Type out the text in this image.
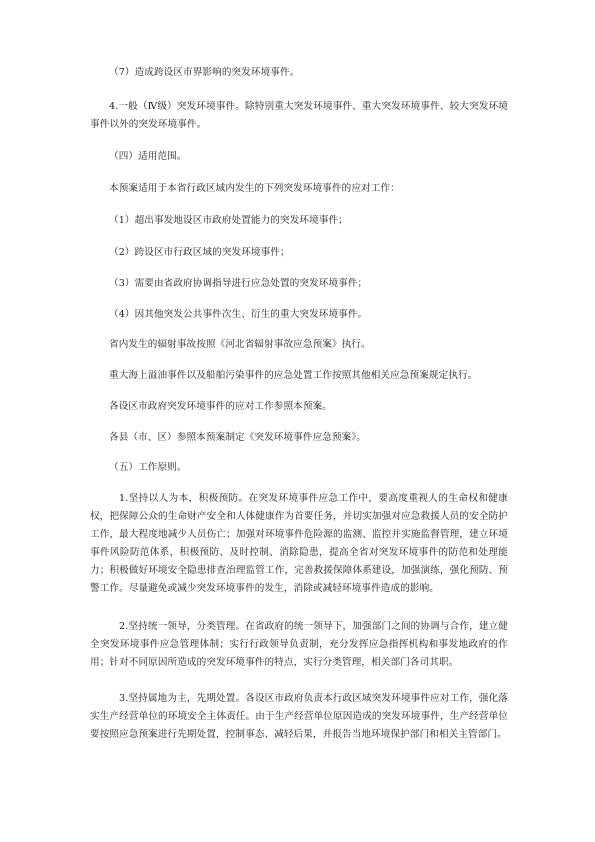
（7）造成跨设区市界影响的突发环境事件。

4.一般（Ⅳ级）突发环境事件。除特别重大突发环境事件、重大突发环境事件、较大突发环境事件以外的突发环境事件。

（四）适用范围。

本预案适用于本省行政区域内发生的下列突发环境事件的应对工作：

（1）超出事发地设区市政府处置能力的突发环境事件；

（2）跨设区市行政区域的突发环境事件；

（3）需要由省政府协调指导进行应急处置的突发环境事件；

（4）因其他突发公共事件次生、衍生的重大突发环境事件。

省内发生的辐射事故按照《河北省辐射事故应急预案》执行。

重大海上溢油事件以及船舶污染事件的应急处置工作按照其他相关应急预案规定执行。

各设区市政府突发环境事件的应对工作参照本预案。

各县（市、区）参照本预案制定《突发环境事件应急预案》。

（五）工作原则。

1.坚持以人为本，积极预防。在突发环境事件应急工作中，要高度重视人的生命权和健康权，把保障公众的生命财产安全和人体健康作为首要任务，并切实加强对应急救援人员的安全防护工作，最大程度地减少人员伤亡；加强对环境事件危险源的监测、监控并实施监督管理，建立环境事件风险防范体系，积极预防、及时控制、消除隐患，提高全省对突发环境事件的防范和处理能力；积极做好环境安全隐患排查治理监管工作，完善救援保障体系建设，加强演练，强化预防、预警工作。尽量避免或减少突发环境事件的发生，消除或减轻环境事件造成的影响。

2.坚持统一领导，分类管理。在省政府的统一领导下，加强部门之间的协调与合作，建立健全突发环境事件应急管理体制；实行行政领导负责制，充分发挥应急指挥机构和事发地政府的作用；针对不同原因所造成的突发环境事件的特点，实行分类管理，相关部门各司其职。

3.坚持属地为主，先期处置。各设区市政府负责本行政区域突发环境事件应对工作，强化落实生产经营单位的环境安全主体责任。由于生产经营单位原因造成的突发环境事件，生产经营单位要按照应急预案进行先期处置，控制事态、减轻后果，并报告当地环境保护部门和相关主管部门。
